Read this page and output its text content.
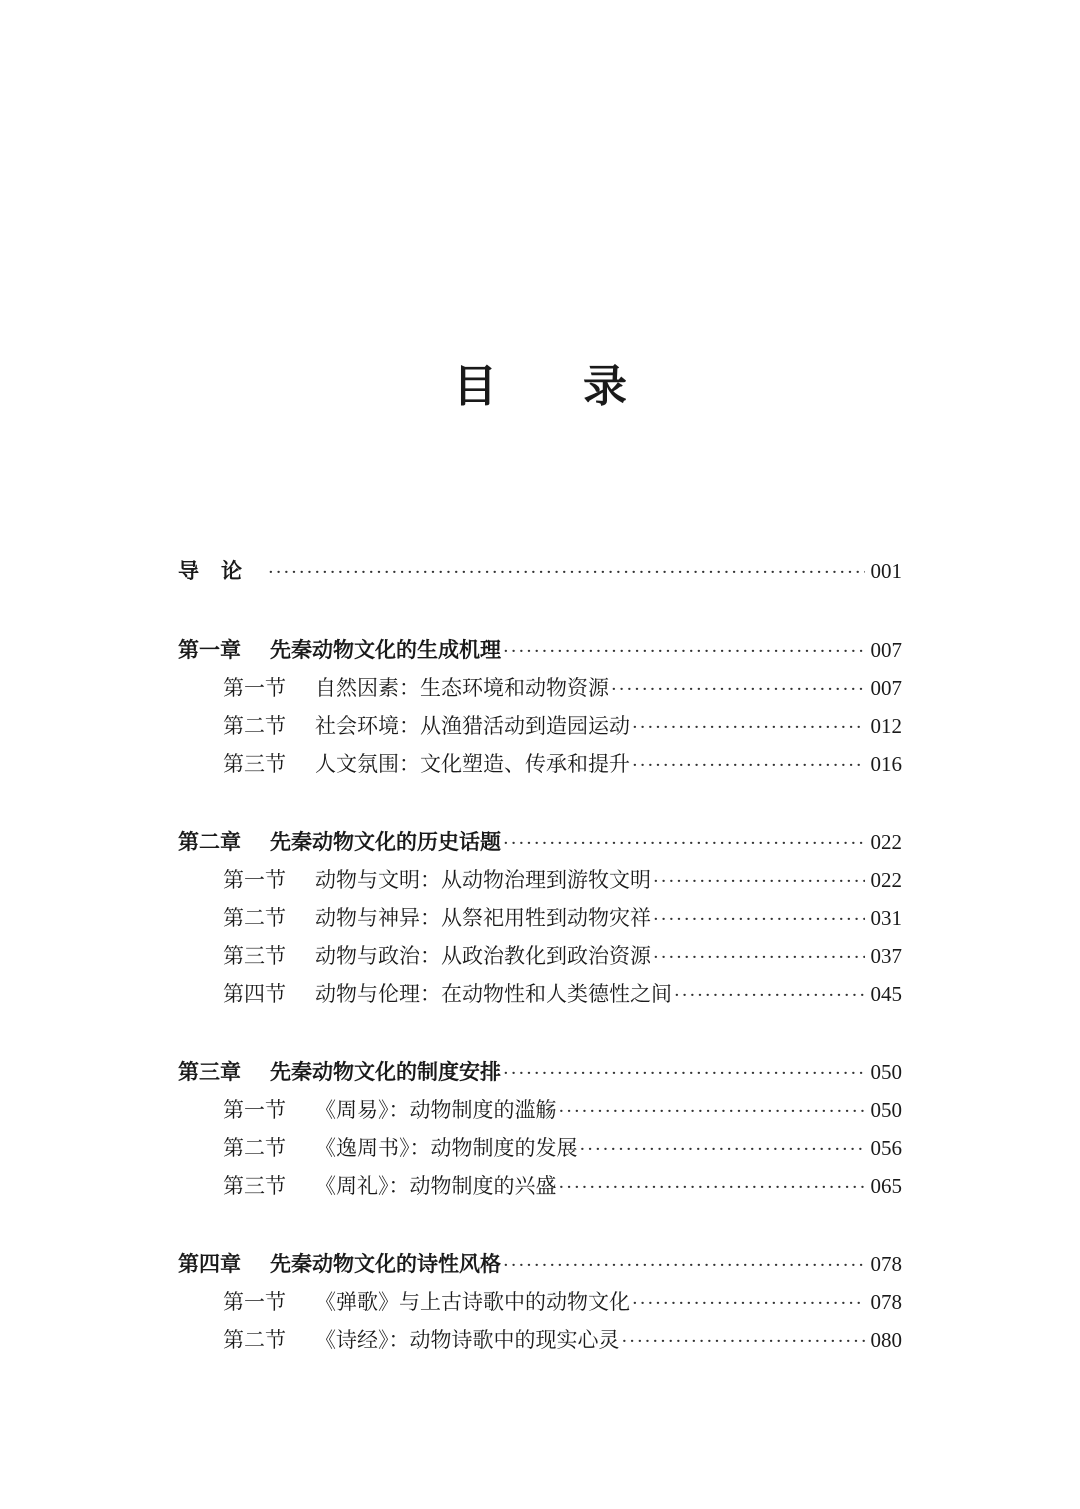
目 录
导论 ·····	001
第一章	先秦动物文化的生成机理 ·····	007
第一节	自然因素：生态环境和动物资源 ·····	007
第二节	社会环境：从渔猎活动到造园运动 ·····	012
第三节	人文氛围：文化塑造、传承和提升 ·····	016
第二章	先秦动物文化的历史话题 ·····	022
第一节	动物与文明：从动物治理到游牧文明 ·····	022
第二节	动物与神异：从祭祀用牲到动物灾祥 ·····	031
第三节	动物与政治：从政治教化到政治资源 ·····	037
第四节	动物与伦理：在动物性和人类德性之间 ·····	045
第三章	先秦动物文化的制度安排 ·····	050
第一节	《周易》：动物制度的滥觞 ·····	050
第二节	《逸周书》：动物制度的发展 ·····	056
第三节	《周礼》：动物制度的兴盛 ·····	065
第四章	先秦动物文化的诗性风格 ·····	078
第一节	《弹歌》与上古诗歌中的动物文化 ·····	078
第二节	《诗经》：动物诗歌中的现实心灵 ·····	080
